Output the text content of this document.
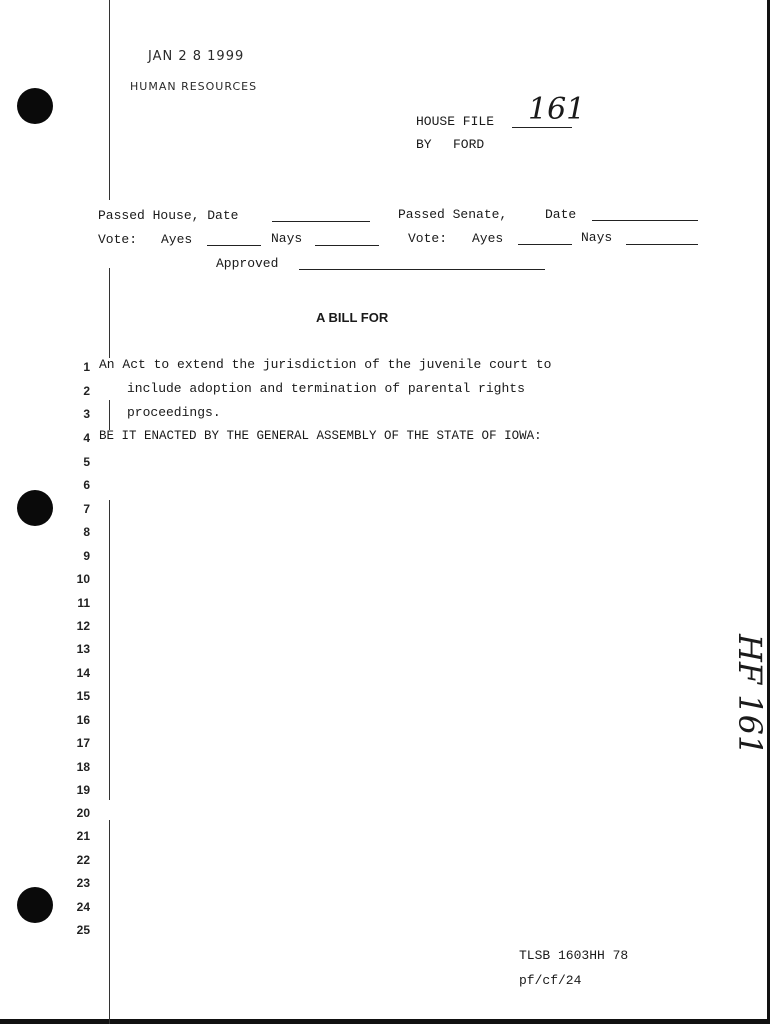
JAN 2 8 1999
HUMAN RESOURCES
HOUSE FILE 161
BY FORD
Passed House, Date	Passed Senate,	Date
Vote: Ayes	Nays	Vote: Ayes	Nays
Approved
A BILL FOR
An Act to extend the jurisdiction of the juvenile court to
include adoption and termination of parental rights
proceedings.
BE IT ENACTED BY THE GENERAL ASSEMBLY OF THE STATE OF IOWA:
1
2
3
4
5
6
7
8
9
10
11
12
13
14
15
16
17
18
19
20
21
22
23
24
25
TLSB 1603HH 78
pf/cf/24
HF 161
